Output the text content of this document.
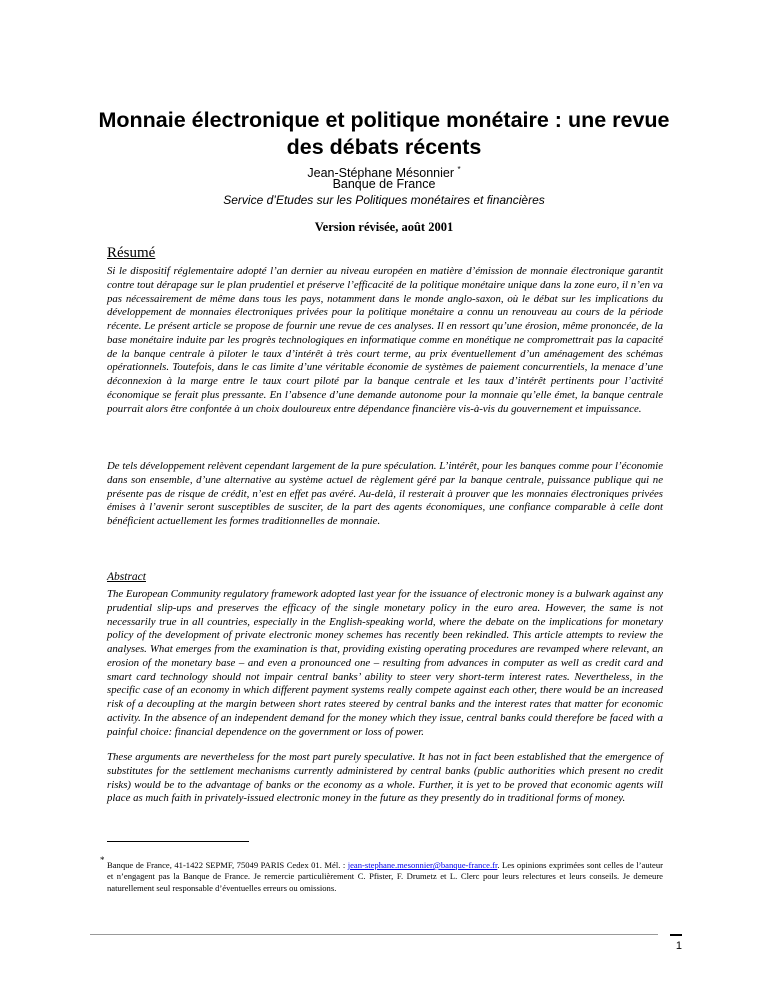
Monnaie électronique et politique monétaire : une revue des débats récents
Jean-Stéphane Mésonnier *
Banque de France
Service d’Etudes sur les Politiques monétaires et financières
Version révisée, août 2001
Résumé

Si le dispositif réglementaire adopté l’an dernier au niveau européen en matière d’émission de monnaie électronique garantit contre tout dérapage sur le plan prudentiel et préserve l’efficacité de la politique monétaire unique dans la zone euro, il n’en va pas nécessairement de même dans tous les pays, notamment dans le monde anglo-saxon, où le débat sur les implications du développement de monnaies électroniques privées pour la politique monétaire a connu un renouveau au cours de la période récente. Le présent article se propose de fournir une revue de ces analyses. Il en ressort qu’une érosion, même prononcée, de la base monétaire induite par les progrès technologiques en informatique comme en monétique ne compromettrait pas la capacité de la banque centrale à piloter le taux d’intérêt à très court terme, au prix éventuellement d’un aménagement des schémas opérationnels. Toutefois, dans le cas limite d’une véritable économie de systèmes de paiement concurrentiels, la menace d’une déconnexion à la marge entre le taux court piloté par la banque centrale et les taux d’intérêt pertinents pour l’activité économique se ferait plus pressante. En l’absence d’une demande autonome pour la monnaie qu’elle émet, la banque centrale pourrait alors être confontée à un choix douloureux entre dépendance financière vis-à-vis du gouvernement et impuissance.

De tels développement relèvent cependant largement de la pure spéculation. L’intérêt, pour les banques comme pour l’économie dans son ensemble, d’une alternative au système actuel de règlement géré par la banque centrale, puissance publique qui ne présente pas de risque de crédit, n’est en effet pas avéré. Au-delà, il resterait à prouver que les monnaies électroniques privées émises à l’avenir seront susceptibles de susciter, de la part des agents économiques, une confiance comparable à celle dont bénéficient actuellement les formes traditionnelles de monnaie.

Abstract

The European Community regulatory framework adopted last year for the issuance of electronic money is a bulwark against any prudential slip-ups and preserves the efficacy of the single monetary policy in the euro area. However, the same is not necessarily true in all countries, especially in the English-speaking world, where the debate on the implications for monetary policy of the development of private electronic money schemes has recently been rekindled. This article attempts to review the analyses. What emerges from the examination is that, providing existing operating procedures are revamped where relevant, an erosion of the monetary base – and even a pronounced one – resulting from advances in computer as well as credit card and smart card technology should not impair central banks’ ability to steer very short-term interest rates. Nevertheless, in the specific case of an economy in which different payment systems really compete against each other, there would be an increased risk of a decoupling at the margin between short rates steered by central banks and the interest rates that matter for economic activity. In the absence of an independent demand for the money which they issue, central banks could therefore be faced with a painful choice: financial dependence on the government or loss of power.

These arguments are nevertheless for the most part purely speculative. It has not in fact been established that the emergence of substitutes for the settlement mechanisms currently administered by central banks (public authorities which present no credit risks) would be to the advantage of banks or the economy as a whole. Further, it is yet to be proved that economic agents will place as much faith in privately-issued electronic money in the future as they presently do in traditional forms of money.

* Banque de France, 41-1422 SEPMF, 75049 PARIS Cedex 01. Mél. : jean-stephane.mesonnier@banque-france.fr. Les opinions exprimées sont celles de l’auteur et n’engagent pas la Banque de France. Je remercie particulièrement C. Pfister, F. Drumetz et L. Clerc pour leurs relectures et leurs conseils. Je demeure naturellement seul responsable d’éventuelles erreurs ou omissions.

1
